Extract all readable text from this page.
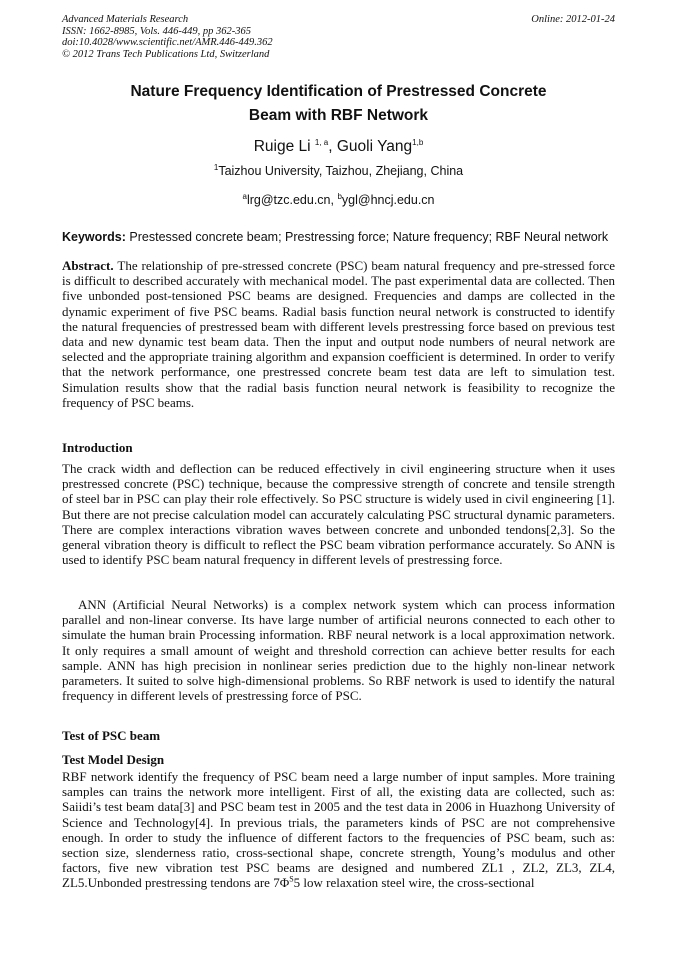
Advanced Materials Research
ISSN: 1662-8985, Vols. 446-449, pp 362-365
doi:10.4028/www.scientific.net/AMR.446-449.362
© 2012 Trans Tech Publications Ltd, Switzerland
Online: 2012-01-24
Nature Frequency Identification of Prestressed Concrete
Beam with RBF Network
Ruige Li $^{1, a}$, Guoli Yang$^{1,b}$
$^1$Taizhou University, Taizhou, Zhejiang, China
$^a$lrg@tzc.edu.cn, $^b$ygl@hncj.edu.cn
Keywords: Prestessed concrete beam; Prestressing force; Nature frequency; RBF Neural network

Abstract. The relationship of pre-stressed concrete (PSC) beam natural frequency and pre-stressed force is difficult to described accurately with mechanical model. The past experimental data are collected. Then five unbonded post-tensioned PSC beams are designed. Frequencies and damps are collected in the dynamic experiment of five PSC beams. Radial basis function neural network is constructed to identify the natural frequencies of prestressed beam with different levels prestressing force based on previous test data and new dynamic test beam data. Then the input and output node numbers of neural network are selected and the appropriate training algorithm and expansion coefficient is determined. In order to verify that the network performance, one prestressed concrete beam test data are left to simulation test. Simulation results show that the radial basis function neural network is feasibility to recognize the frequency of PSC beams.

Introduction
The crack width and deflection can be reduced effectively in civil engineering structure when it uses prestressed concrete (PSC) technique, because the compressive strength of concrete and tensile strength of steel bar in PSC can play their role effectively. So PSC structure is widely used in civil engineering [1]. But there are not precise calculation model can accurately calculating PSC structural dynamic parameters. There are complex interactions vibration waves between concrete and unbonded tendons[2,3]. So the general vibration theory is difficult to reflect the PSC beam vibration performance accurately. So ANN is used to identify PSC beam natural frequency in different levels of prestressing force.
ANN (Artificial Neural Networks) is a complex network system which can process information parallel and non-linear converse. Its have large number of artificial neurons connected to each other to simulate the human brain Processing information. RBF neural network is a local approximation network. It only requires a small amount of weight and threshold correction can achieve better results for each sample. ANN has high precision in nonlinear series prediction due to the highly non-linear network parameters. It suited to solve high-dimensional problems. So RBF network is used to identify the natural frequency in different levels of prestressing force of PSC.
Test of PSC beam
Test Model Design
RBF network identify the frequency of PSC beam need a large number of input samples. More training samples can trains the network more intelligent. First of all, the existing data are collected, such as: Saiidi’s test beam data[3] and PSC beam test in 2005 and the test data in 2006 in Huazhong University of Science and Technology[4]. In previous trials, the parameters kinds of PSC are not comprehensive enough. In order to study the influence of different factors to the frequencies of PSC beam, such as: section size, slenderness ratio, cross-sectional shape, concrete strength, Young’s modulus and other factors, five new vibration test PSC beams are designed and numbered ZL1 , ZL2, ZL3, ZL4, ZL5.Unbonded prestressing tendons are $7\Phi^S5$ low relaxation steel wire, the cross-sectional
